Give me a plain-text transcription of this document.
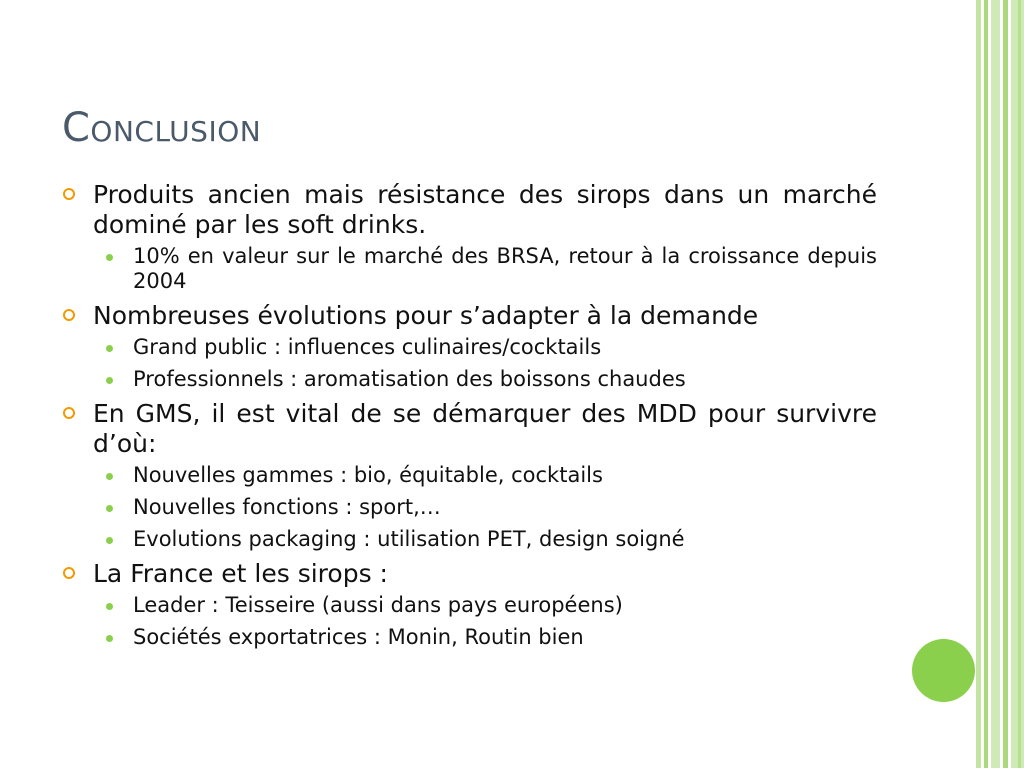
Conclusion
Produits ancien mais résistance des sirops dans un marché dominé par les soft drinks.
10% en valeur sur le marché des BRSA, retour à la croissance depuis 2004
Nombreuses évolutions pour s’adapter à la demande
Grand public : influences culinaires/cocktails
Professionnels : aromatisation des boissons chaudes
En GMS, il est vital de se démarquer des MDD pour survivre d’où:
Nouvelles gammes : bio, équitable, cocktails
Nouvelles fonctions : sport,…
Evolutions packaging : utilisation PET, design soigné
La France et les sirops :
Leader : Teisseire (aussi dans pays européens)
Sociétés exportatrices : Monin, Routin bien
